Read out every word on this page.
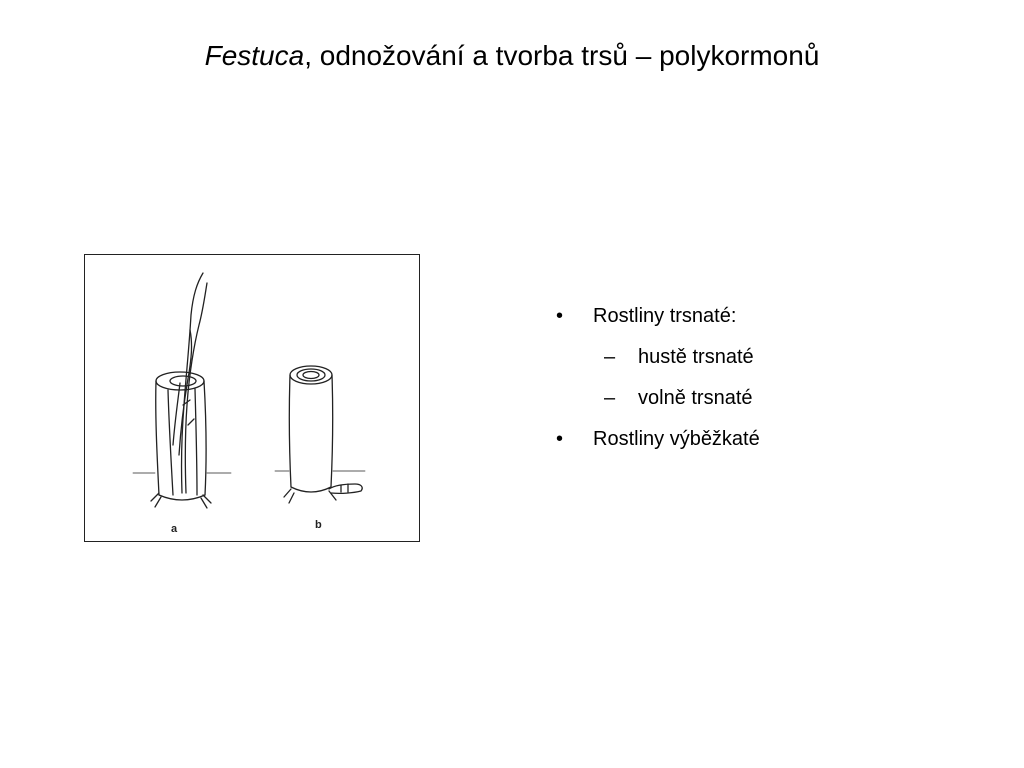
Festuca, odnožování a tvorba trsů – polykormonů
a	b
• Rostliny trsnaté:
– hustě trsnaté
– volně trsnaté
• Rostliny výběžkaté
